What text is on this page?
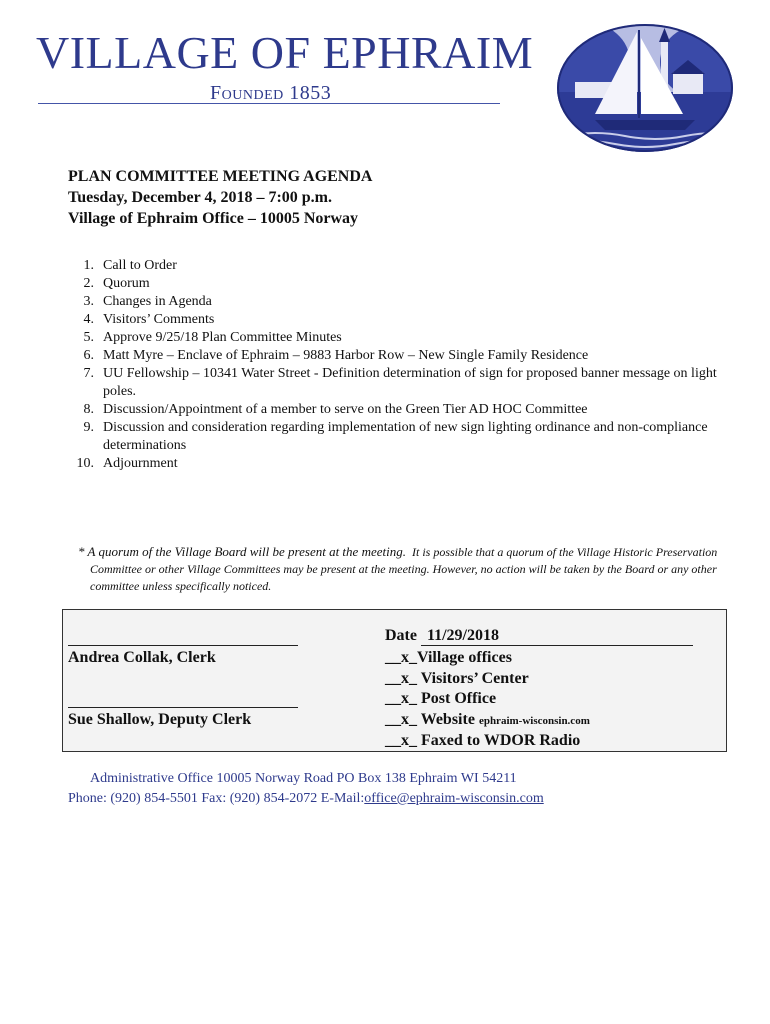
VILLAGE OF EPHRAIM
Founded 1853
PLAN COMMITTEE MEETING AGENDA
Tuesday, December 4, 2018 – 7:00 p.m.
Village of Ephraim Office – 10005 Norway
1. Call to Order
2. Quorum
3. Changes in Agenda
4. Visitors’ Comments
5. Approve 9/25/18 Plan Committee Minutes
6. Matt Myre – Enclave of Ephraim – 9883 Harbor Row – New Single Family Residence
7. UU Fellowship – 10341 Water Street - Definition determination of sign for proposed banner message on light poles.
8. Discussion/Appointment of a member to serve on the Green Tier AD HOC Committee
9. Discussion and consideration regarding implementation of new sign lighting ordinance and non-compliance determinations
10. Adjournment
* A quorum of the Village Board will be present at the meeting. It is possible that a quorum of the Village Historic Preservation Committee or other Village Committees may be present at the meeting. However, no action will be taken by the Board or any other committee unless specifically noticed.
Andrea Collak, Clerk
Sue Shallow, Deputy Clerk
Date 11/29/2018
__x_Village offices
__x_ Visitors’ Center
__x_ Post Office
__x_ Website ephraim-wisconsin.com
__x_ Faxed to WDOR Radio
Administrative Office 10005 Norway Road PO Box 138 Ephraim WI 54211
Phone: (920) 854-5501 Fax: (920) 854-2072 E-Mail:office@ephraim-wisconsin.com
